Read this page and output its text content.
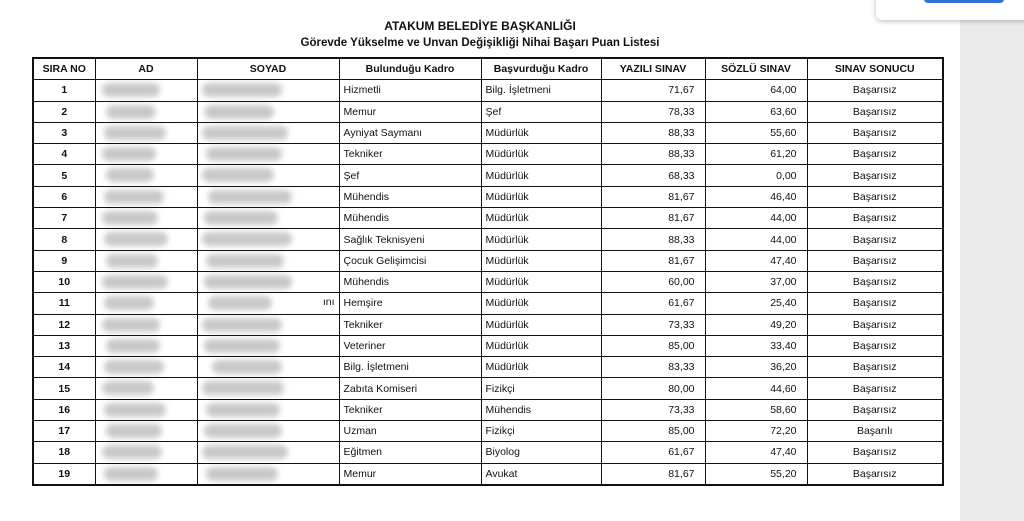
ATAKUM BELEDİYE BAŞKANLIĞI
Görevde Yükselme ve Unvan Değişikliği Nihai Başarı Puan Listesi
SIRA NO	AD	SOYAD	Bulunduğu Kadro	Başvurduğu Kadro	YAZILI SINAV	SÖZLÜ SINAV	SINAV SONUCU
1			Hizmetli	Bilg. İşletmeni	71,67	64,00	Başarısız
2			Memur	Şef	78,33	63,60	Başarısız
3			Ayniyat Saymanı	Müdürlük	88,33	55,60	Başarısız
4			Tekniker	Müdürlük	88,33	61,20	Başarısız
5			Şef	Müdürlük	68,33	0,00	Başarısız
6			Mühendis	Müdürlük	81,67	46,40	Başarısız
7			Mühendis	Müdürlük	81,67	44,00	Başarısız
8			Sağlık Teknisyeni	Müdürlük	88,33	44,00	Başarısız
9			Çocuk Gelişimcisi	Müdürlük	81,67	47,40	Başarısız
10			Mühendis	Müdürlük	60,00	37,00	Başarısız
11		ını	Hemşire	Müdürlük	61,67	25,40	Başarısız
12			Tekniker	Müdürlük	73,33	49,20	Başarısız
13			Veteriner	Müdürlük	85,00	33,40	Başarısız
14			Bilg. İşletmeni	Müdürlük	83,33	36,20	Başarısız
15			Zabıta Komiseri	Fizikçi	80,00	44,60	Başarısız
16			Tekniker	Mühendis	73,33	58,60	Başarısız
17			Uzman	Fizikçi	85,00	72,20	Başarılı
18			Eğitmen	Biyolog	61,67	47,40	Başarısız
19			Memur	Avukat	81,67	55,20	Başarısız
